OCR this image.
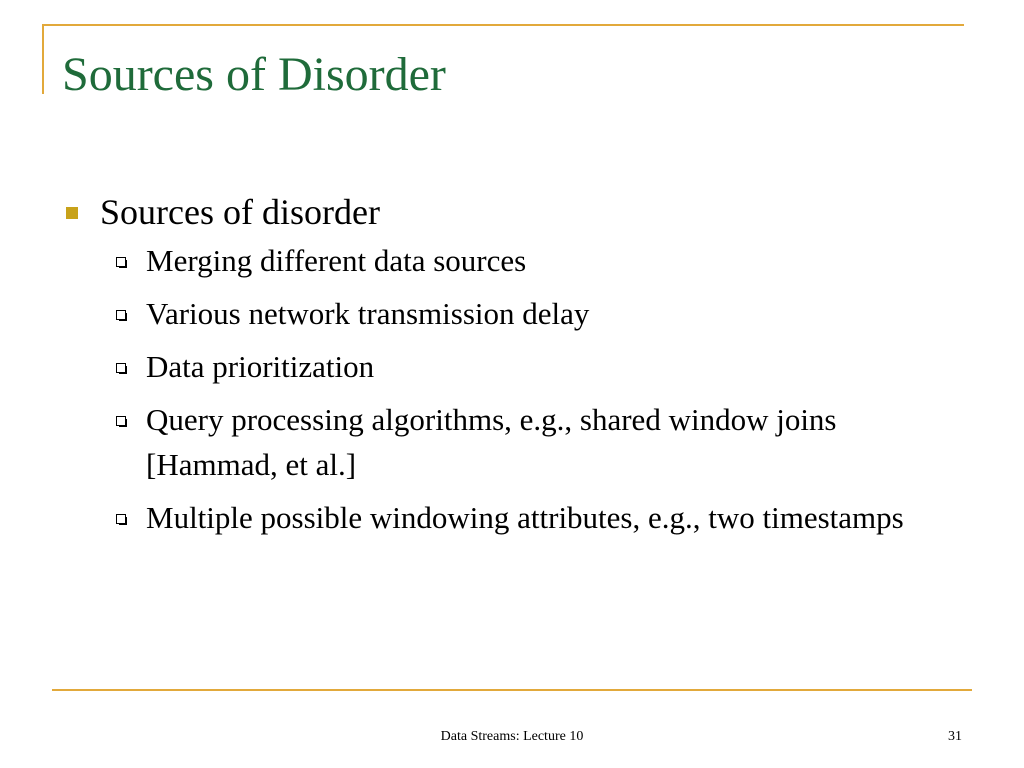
Sources of Disorder
Sources of disorder
Merging different data sources
Various network transmission delay
Data prioritization
Query processing algorithms, e.g., shared window joins [Hammad, et al.]
Multiple possible windowing attributes, e.g., two timestamps
Data Streams: Lecture 10	31
